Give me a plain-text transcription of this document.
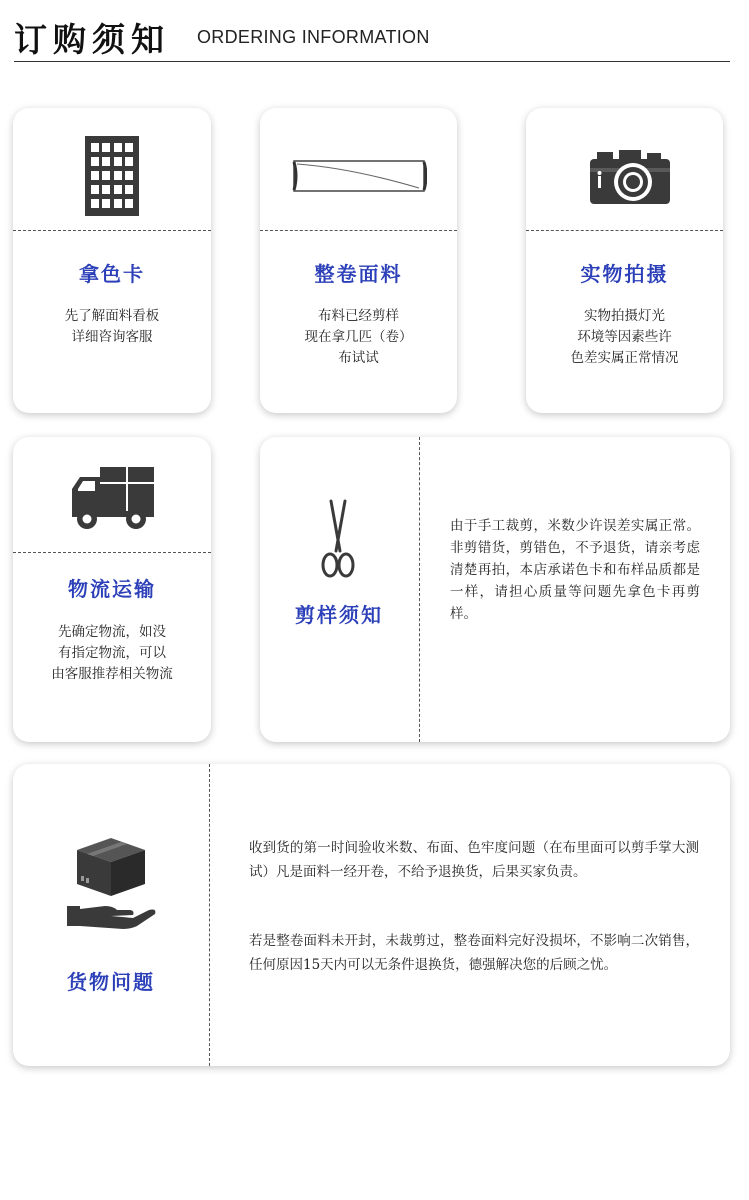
订购须知 ORDERING INFORMATION
拿色卡
先了解面料看板
详细咨询客服
整卷面料
布料已经剪样
现在拿几匹（卷）
布试试
实物拍摄
实物拍摄灯光
环境等因素些许
色差实属正常情况
物流运输
先确定物流，如没
有指定物流，可以
由客服推荐相关物流
剪样须知
由于手工裁剪，米数少许误差实属正常。非剪错货，剪错色，不予退货，请亲考虑清楚再拍，本店承诺色卡和布样品质都是一样，请担心质量等问题先拿色卡再剪样。
货物问题
收到货的第一时间验收米数、布面、色牢度问题（在布里面可以剪手掌大测试）凡是面料一经开卷，不给予退换货，后果买家负责。
若是整卷面料未开封，未裁剪过，整卷面料完好没损坏，不影响二次销售，任何原因15天内可以无条件退换货，德强解决您的后顾之忧。
